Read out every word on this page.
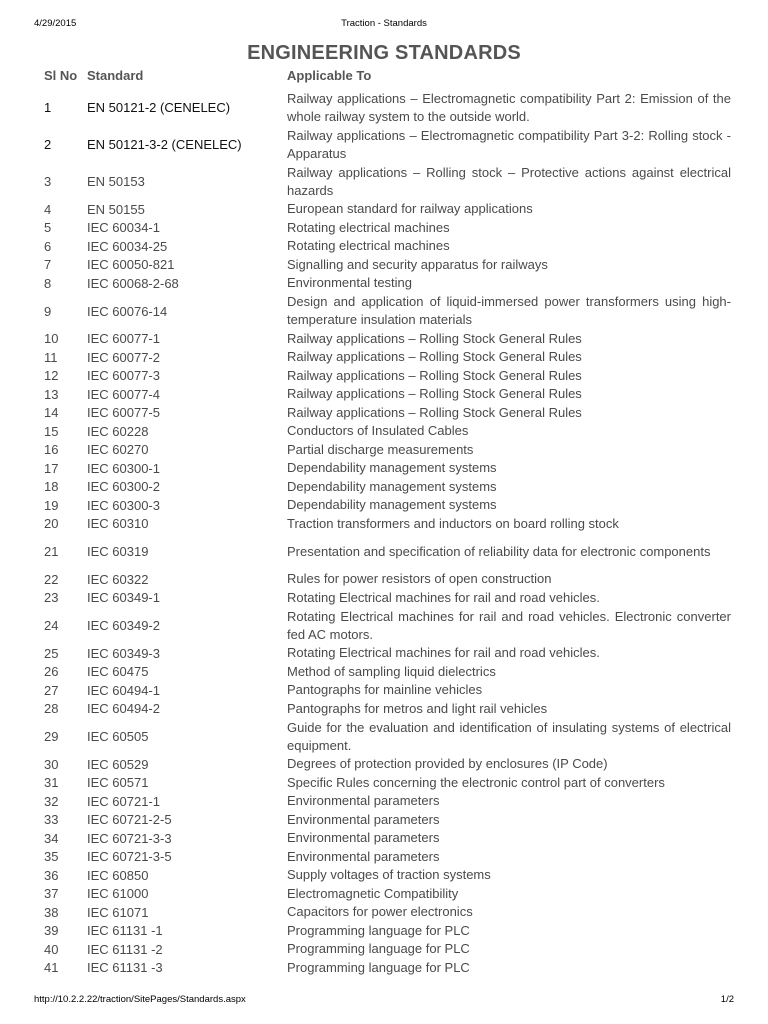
4/29/2015	Traction - Standards
ENGINEERING STANDARDS
Sl No Standard	Applicable To
1	EN 50121-2 (CENELEC)
Railway applications – Electromagnetic compatibility Part 2: Emission of the whole railway system to the outside world.
2	EN 50121-3-2 (CENELEC)
Railway applications – Electromagnetic compatibility Part 3-2: Rolling stock - Apparatus
3	EN 50153
Railway applications – Rolling stock – Protective actions against electrical hazards
4	EN 50155	European standard for railway applications
5	IEC 60034-1	Rotating electrical machines
6	IEC 60034-25	Rotating electrical machines
7	IEC 60050-821	Signalling and security apparatus for railways
8	IEC 60068-2-68	Environmental testing
9	IEC 60076-14
Design and application of liquid-immersed power transformers using high-temperature insulation materials
10	IEC 60077-1	Railway applications – Rolling Stock General Rules
11	IEC 60077-2	Railway applications – Rolling Stock General Rules
12	IEC 60077-3	Railway applications – Rolling Stock General Rules
13	IEC 60077-4	Railway applications – Rolling Stock General Rules
14	IEC 60077-5	Railway applications – Rolling Stock General Rules
15	IEC 60228	Conductors of Insulated Cables
16	IEC 60270	Partial discharge measurements
17	IEC 60300-1	Dependability management systems
18	IEC 60300-2	Dependability management systems
19	IEC 60300-3	Dependability management systems
20	IEC 60310	Traction transformers and inductors on board rolling stock
21	IEC 60319	Presentation and specification of reliability data for electronic components
22	IEC 60322	Rules for power resistors of open construction
23	IEC 60349-1	Rotating Electrical machines for rail and road vehicles.
24	IEC 60349-2
Rotating Electrical machines for rail and road vehicles. Electronic converter fed AC motors.
25	IEC 60349-3	Rotating Electrical machines for rail and road vehicles.
26	IEC 60475	Method of sampling liquid dielectrics
27	IEC 60494-1	Pantographs for mainline vehicles
28	IEC 60494-2	Pantographs for metros and light rail vehicles
29	IEC 60505
Guide for the evaluation and identification of insulating systems of electrical equipment.
30	IEC 60529	Degrees of protection provided by enclosures (IP Code)
31	IEC 60571	Specific Rules concerning the electronic control part of converters
32	IEC 60721-1	Environmental parameters
33	IEC 60721-2-5	Environmental parameters
34	IEC 60721-3-3	Environmental parameters
35	IEC 60721-3-5	Environmental parameters
36	IEC 60850	Supply voltages of traction systems
37	IEC 61000	Electromagnetic Compatibility
38	IEC 61071	Capacitors for power electronics
39	IEC 61131 -1	Programming language for PLC
40	IEC 61131 -2	Programming language for PLC
41	IEC 61131 -3	Programming language for PLC
http://10.2.2.22/traction/SitePages/Standards.aspx	1/2
